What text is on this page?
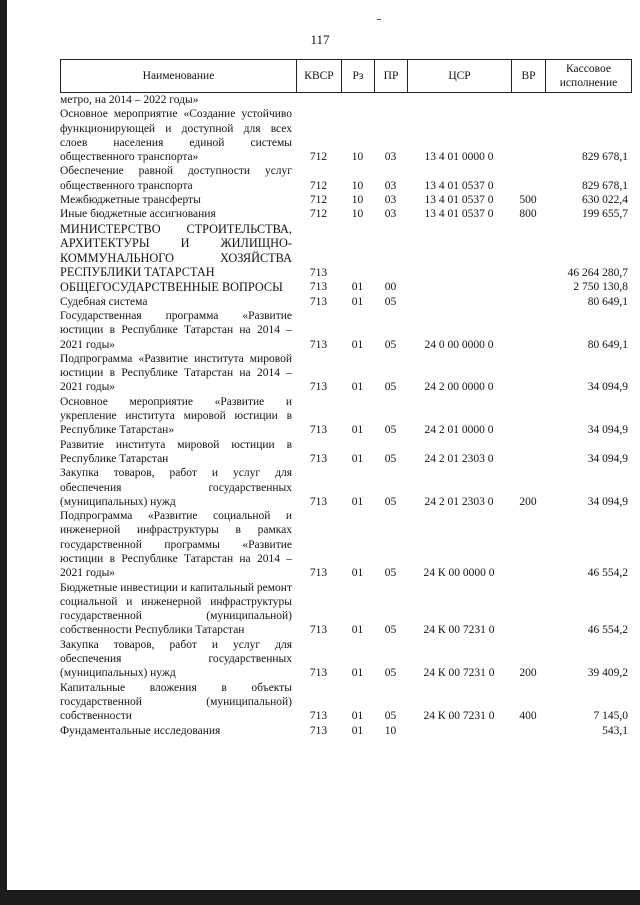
117
Наименование	КВСР	Рз	ПР	ЦСР	ВР	Кассовое исполнение
метро, на 2014 – 2022 годы»						
Основное мероприятие «Создание устойчиво функционирующей и доступной для всех слоев населения единой системы общественного транспорта»	712	10	03	13 4 01 0000 0		829 678,1
Обеспечение равной доступности услуг общественного транспорта	712	10	03	13 4 01 0537 0		829 678,1
Межбюджетные трансферты	712	10	03	13 4 01 0537 0	500	630 022,4
Иные бюджетные ассигнования	712	10	03	13 4 01 0537 0	800	199 655,7
МИНИСТЕРСТВО СТРОИТЕЛЬСТВА, АРХИТЕКТУРЫ И ЖИЛИЩНО-КОММУНАЛЬНОГО ХОЗЯЙСТВА РЕСПУБЛИКИ ТАТАРСТАН	713					46 264 280,7
ОБЩЕГОСУДАРСТВЕННЫЕ ВОПРОСЫ	713	01	00			2 750 130,8
Судебная система	713	01	05			80 649,1
Государственная программа «Развитие юстиции в Республике Татарстан на 2014 – 2021 годы»	713	01	05	24 0 00 0000 0		80 649,1
Подпрограмма «Развитие института мировой юстиции в Республике Татарстан на 2014 – 2021 годы»	713	01	05	24 2 00 0000 0		34 094,9
Основное мероприятие «Развитие и укрепление института мировой юстиции в Республике Татарстан»	713	01	05	24 2 01 0000 0		34 094,9
Развитие института мировой юстиции в Республике Татарстан	713	01	05	24 2 01 2303 0		34 094,9
Закупка товаров, работ и услуг для обеспечения государственных (муниципальных) нужд	713	01	05	24 2 01 2303 0	200	34 094,9
Подпрограмма «Развитие социальной и инженерной инфраструктуры в рамках государственной программы «Развитие юстиции в Республике Татарстан на 2014 – 2021 годы»	713	01	05	24 К 00 0000 0		46 554,2
Бюджетные инвестиции и капитальный ремонт социальной и инженерной инфраструктуры государственной (муниципальной) собственности Республики Татарстан	713	01	05	24 К 00 7231 0		46 554,2
Закупка товаров, работ и услуг для обеспечения государственных (муниципальных) нужд	713	01	05	24 К 00 7231 0	200	39 409,2
Капитальные вложения в объекты государственной (муниципальной) собственности	713	01	05	24 К 00 7231 0	400	7 145,0
Фундаментальные исследования	713	01	10			543,1
